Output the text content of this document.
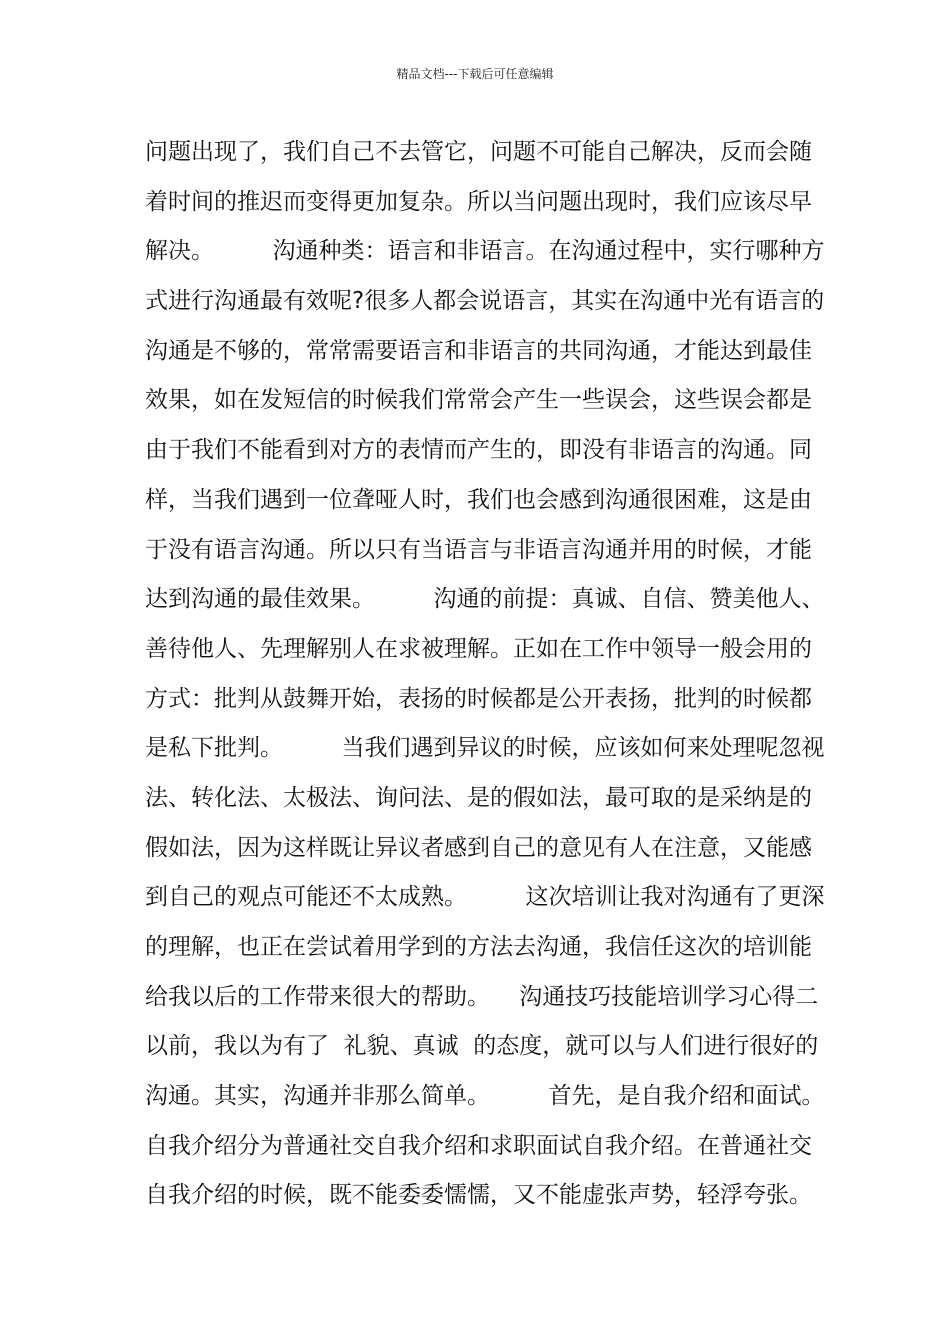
精品文档---下载后可任意编辑
问题出现了，我们自己不去管它，问题不可能自己解决，反而会随
着时间的推迟而变得更加复杂。所以当问题出现时，我们应该尽早
解决。        沟通种类：语言和非语言。在沟通过程中，实行哪种方
式进行沟通最有效呢?很多人都会说语言，其实在沟通中光有语言的
沟通是不够的，常常需要语言和非语言的共同沟通，才能达到最佳
效果，如在发短信的时候我们常常会产生一些误会，这些误会都是
由于我们不能看到对方的表情而产生的，即没有非语言的沟通。同
样，当我们遇到一位聋哑人时，我们也会感到沟通很困难，这是由
于没有语言沟通。所以只有当语言与非语言沟通并用的时候，才能
达到沟通的最佳效果。        沟通的前提：真诚、自信、赞美他人、
善待他人、先理解别人在求被理解。正如在工作中领导一般会用的
方式：批判从鼓舞开始，表扬的时候都是公开表扬，批判的时候都
是私下批判。        当我们遇到异议的时候，应该如何来处理呢忽视
法、转化法、太极法、询问法、是的假如法，最可取的是采纳是的
假如法，因为这样既让异议者感到自己的意见有人在注意，又能感
到自己的观点可能还不太成熟。        这次培训让我对沟通有了更深
的理解，也正在尝试着用学到的方法去沟通，我信任这次的培训能
给我以后的工作带来很大的帮助。    沟通技巧技能培训学习心得二
以前，我以为有了  礼貌、真诚  的态度，就可以与人们进行很好的
沟通。其实，沟通并非那么简单。        首先，是自我介绍和面试。
自我介绍分为普通社交自我介绍和求职面试自我介绍。在普通社交
自我介绍的时候，既不能委委懦懦，又不能虚张声势，轻浮夸张。
